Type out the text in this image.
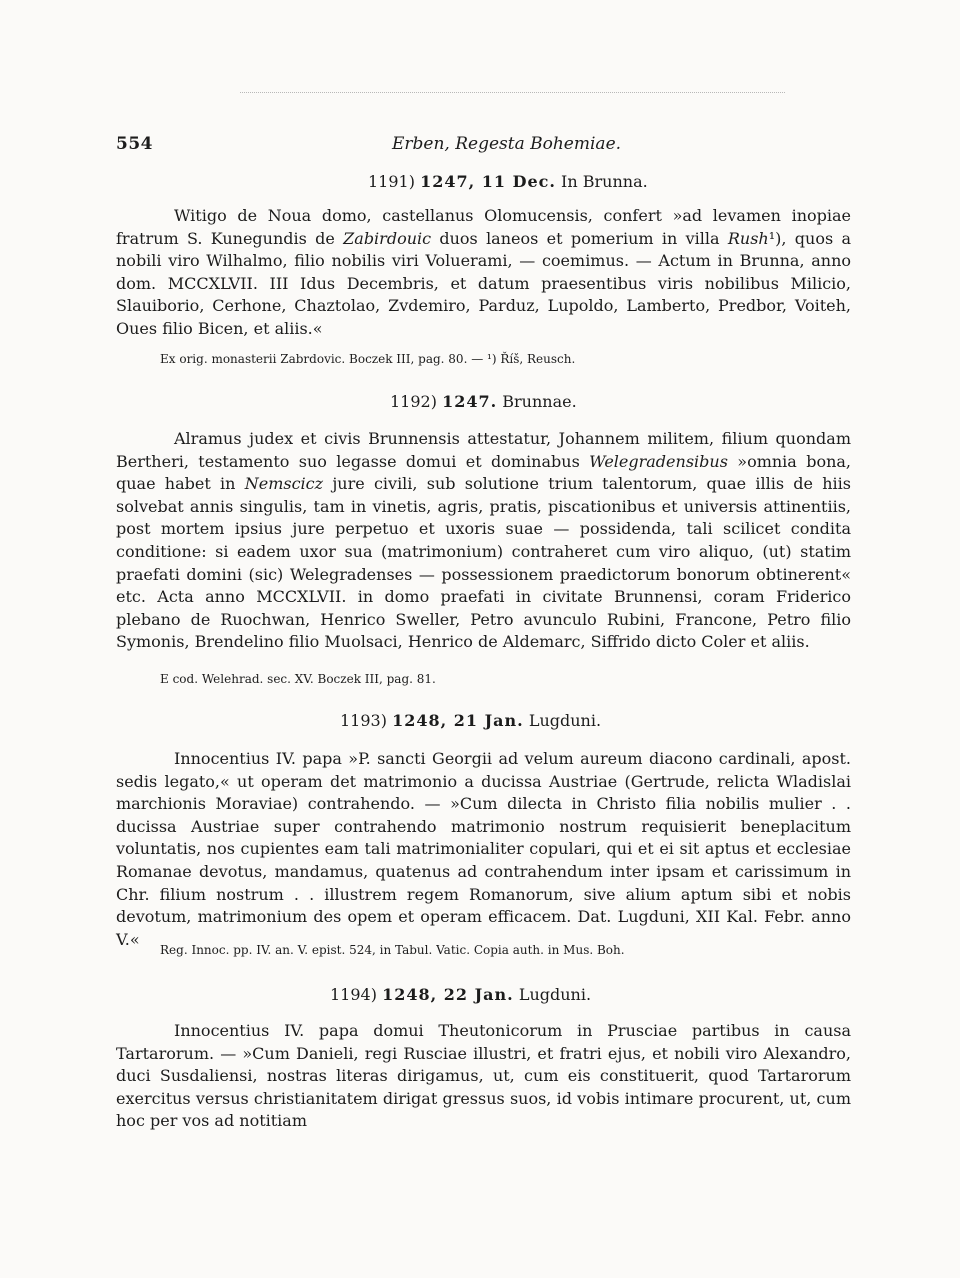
554	Erben, Regesta Bohemiae.
1191) 1247, 11 Dec. In Brunna.
Witigo de Noua domo, castellanus Olomucensis, confert »ad levamen inopiae fratrum S. Kunegundis de Zabirdouic duos laneos et pomerium in villa Rush¹), quos a nobili viro Wilhalmo, filio nobilis viri Voluerami, — coemimus. — Actum in Brunna, anno dom. MCCXLVII. III Idus Decembris, et datum praesentibus viris nobilibus Milicio, Slauiborio, Cerhone, Chaztolao, Zvdemiro, Parduz, Lupoldo, Lamberto, Predbor, Voiteh, Oues filio Bicen, et aliis.«
Ex orig. monasterii Zabrdovic. Boczek III, pag. 80. — ¹) Říš, Reusch.
1192) 1247. Brunnae.
Alramus judex et civis Brunnensis attestatur, Johannem militem, filium quondam Bertheri, testamento suo legasse domui et dominabus Welegradensibus »omnia bona, quae habet in Nemscicz jure civili, sub solutione trium talentorum, quae illis de hiis solvebat annis singulis, tam in vinetis, agris, pratis, piscationibus et universis attinentiis, post mortem ipsius jure perpetuo et uxoris suae — possidenda, tali scilicet condita conditione: si eadem uxor sua (matrimonium) contraheret cum viro aliquo, (ut) statim praefati domini (sic) Welegradenses — possessionem praedictorum bonorum obtinerent« etc. Acta anno MCCXLVII. in domo praefati in civitate Brunnensi, coram Friderico plebano de Ruochwan, Henrico Sweller, Petro avunculo Rubini, Francone, Petro filio Symonis, Brendelino filio Muolsaci, Henrico de Aldemarc, Siffrido dicto Coler et aliis.
E cod. Welehrad. sec. XV. Boczek III, pag. 81.
1193) 1248, 21 Jan. Lugduni.
Innocentius IV. papa »P. sancti Georgii ad velum aureum diacono cardinali, apost. sedis legato,« ut operam det matrimonio a ducissa Austriae (Gertrude, relicta Wladislai marchionis Moraviae) contrahendo. — »Cum dilecta in Christo filia nobilis mulier . . ducissa Austriae super contrahendo matrimonio nostrum requisierit beneplacitum voluntatis, nos cupientes eam tali matrimonialiter copulari, qui et ei sit aptus et ecclesiae Romanae devotus, mandamus, quatenus ad contrahendum inter ipsam et carissimum in Chr. filium nostrum . . illustrem regem Romanorum, sive alium aptum sibi et nobis devotum, matrimonium des opem et operam efficacem. Dat. Lugduni, XII Kal. Febr. anno V.«
Reg. Innoc. pp. IV. an. V. epist. 524, in Tabul. Vatic. Copia auth. in Mus. Boh.
1194) 1248, 22 Jan. Lugduni.
Innocentius IV. papa domui Theutonicorum in Prusciae partibus in causa Tartarorum. — »Cum Danieli, regi Rusciae illustri, et fratri ejus, et nobili viro Alexandro, duci Susdaliensi, nostras literas dirigamus, ut, cum eis constituerit, quod Tartarorum exercitus versus christianitatem dirigat gressus suos, id vobis intimare procurent, ut, cum hoc per vos ad notitiam
